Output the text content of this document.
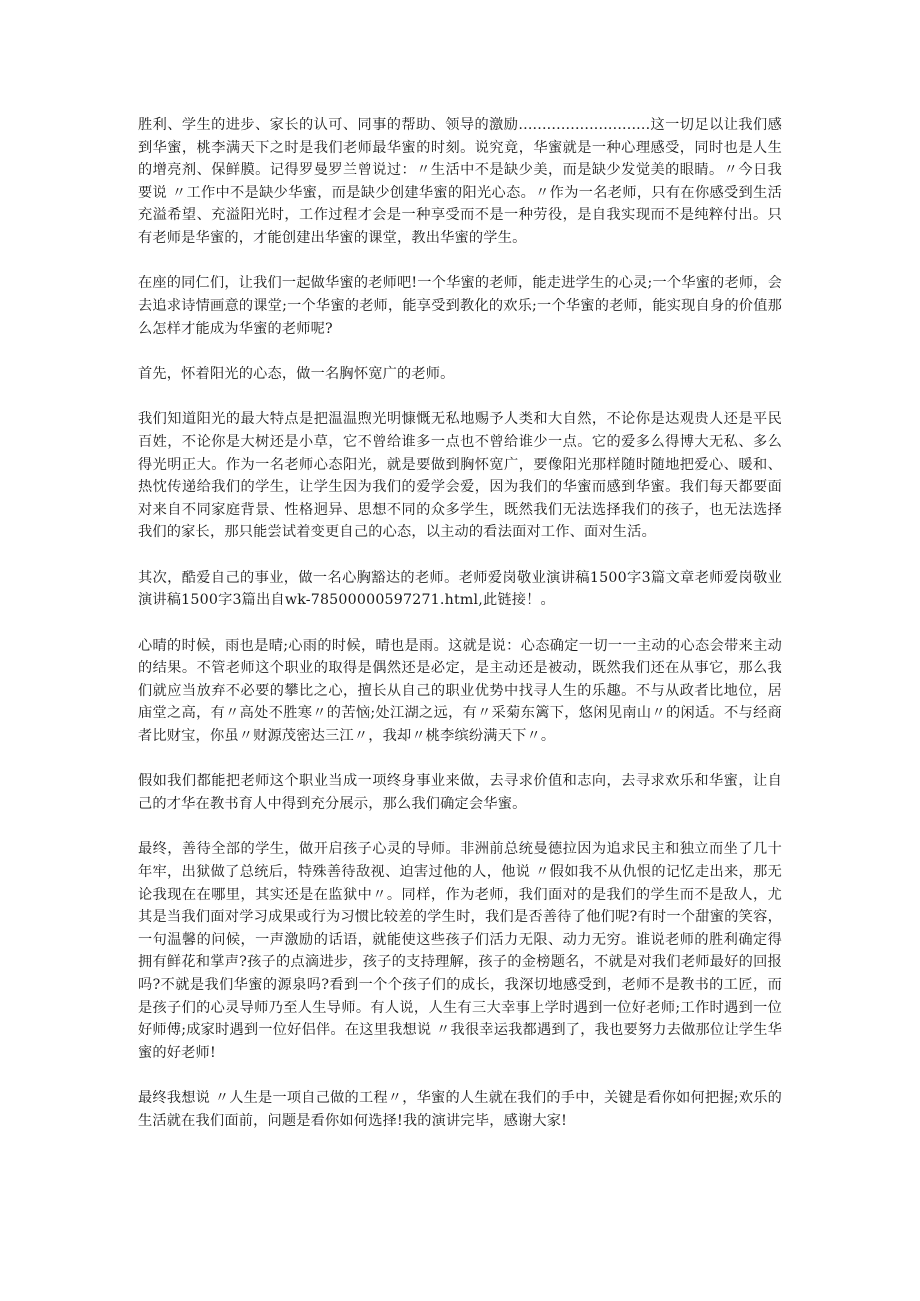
胜利、学生的进步、家长的认可、同事的帮助、领导的激励............................这一切足以让我们感到华蜜，桃李满天下之时是我们老师最华蜜的时刻。说究竟，华蜜就是一种心理感受，同时也是人生的增亮剂、保鲜膜。记得罗曼罗兰曾说过：〃生活中不是缺少美，而是缺少发觉美的眼睛。〃今日我要说 〃工作中不是缺少华蜜，而是缺少创建华蜜的阳光心态。〃作为一名老师，只有在你感受到生活充溢希望、充溢阳光时，工作过程才会是一种享受而不是一种劳役，是自我实现而不是纯粹付出。只有老师是华蜜的，才能创建出华蜜的课堂，教出华蜜的学生。

在座的同仁们，让我们一起做华蜜的老师吧!一个华蜜的老师，能走进学生的心灵;一个华蜜的老师，会去追求诗情画意的课堂;一个华蜜的老师，能享受到教化的欢乐;一个华蜜的老师，能实现自身的价值那么怎样才能成为华蜜的老师呢?

首先，怀着阳光的心态，做一名胸怀宽广的老师。

我们知道阳光的最大特点是把温温煦光明慷慨无私地赐予人类和大自然，不论你是达观贵人还是平民百姓，不论你是大树还是小草，它不曾给谁多一点也不曾给谁少一点。它的爱多么得博大无私、多么得光明正大。作为一名老师心态阳光，就是要做到胸怀宽广，要像阳光那样随时随地把爱心、暖和、热忱传递给我们的学生，让学生因为我们的爱学会爱，因为我们的华蜜而感到华蜜。我们每天都要面对来自不同家庭背景、性格迥异、思想不同的众多学生，既然我们无法选择我们的孩子，也无法选择我们的家长，那只能尝试着变更自己的心态，以主动的看法面对工作、面对生活。

其次，酷爱自己的事业，做一名心胸豁达的老师。老师爱岗敬业演讲稿1500字3篇文章老师爱岗敬业演讲稿1500字3篇出自wk-78500000597271.html,此链接！。

心晴的时候，雨也是晴;心雨的时候，晴也是雨。这就是说：心态确定一切一一主动的心态会带来主动的结果。不管老师这个职业的取得是偶然还是必定，是主动还是被动，既然我们还在从事它，那么我们就应当放弃不必要的攀比之心，擅长从自己的职业优势中找寻人生的乐趣。不与从政者比地位，居庙堂之高，有〃高处不胜寒〃的苦恼;处江湖之远，有〃采菊东篱下，悠闲见南山〃的闲适。不与经商者比财宝，你虽〃财源茂密达三江〃，我却〃桃李缤纷满天下〃。

假如我们都能把老师这个职业当成一项终身事业来做，去寻求价值和志向，去寻求欢乐和华蜜，让自己的才华在教书育人中得到充分展示，那么我们确定会华蜜。

最终，善待全部的学生，做开启孩子心灵的导师。非洲前总统曼德拉因为追求民主和独立而坐了几十年牢，出狱做了总统后，特殊善待敌视、迫害过他的人，他说 〃假如我不从仇恨的记忆走出来，那无论我现在在哪里，其实还是在监狱中〃。同样，作为老师，我们面对的是我们的学生而不是敌人，尤其是当我们面对学习成果或行为习惯比较差的学生时，我们是否善待了他们呢?有时一个甜蜜的笑容，一句温馨的问候，一声激励的话语，就能使这些孩子们活力无限、动力无穷。谁说老师的胜利确定得拥有鲜花和掌声?孩子的点滴进步，孩子的支持理解，孩子的金榜题名，不就是对我们老师最好的回报吗?不就是我们华蜜的源泉吗?看到一个个孩子们的成长，我深切地感受到，老师不是教书的工匠，而是孩子们的心灵导师乃至人生导师。有人说，人生有三大幸事上学时遇到一位好老师;工作时遇到一位好师傅;成家时遇到一位好侣伴。在这里我想说 〃我很幸运我都遇到了，我也要努力去做那位让学生华蜜的好老师!

最终我想说 〃人生是一项自己做的工程〃，华蜜的人生就在我们的手中，关键是看你如何把握;欢乐的生活就在我们面前，问题是看你如何选择!我的演讲完毕，感谢大家!
